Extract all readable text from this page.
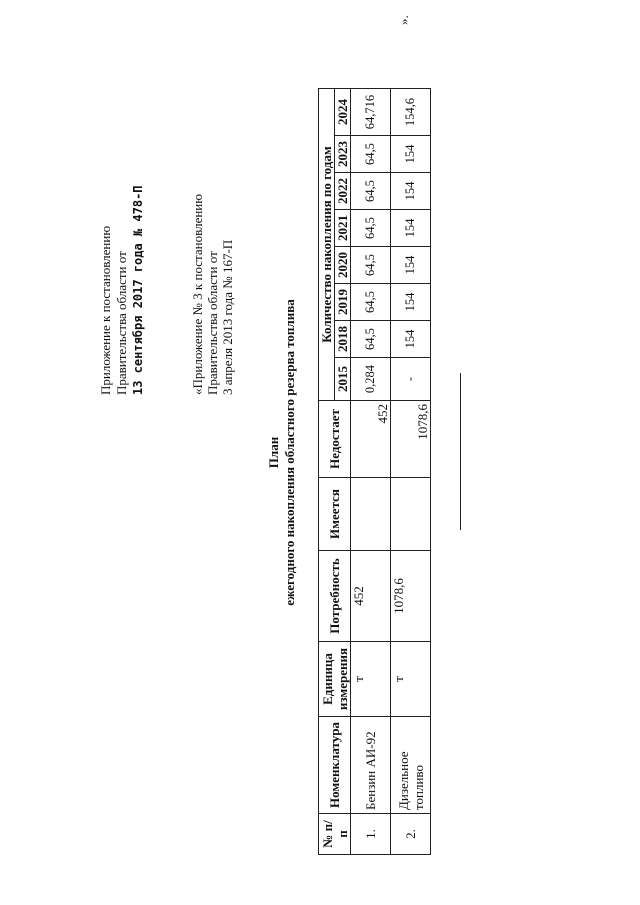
Приложение к постановлению Правительства области от 13 сентября 2017 года № 478-П	«Приложение № 3 к постановлению Правительства области от 3 апреля 2013 года № 167-П
План ежегодного накопления областного резерва топлива
№ п/п	Номенклатура	Единица измерения	Потребность	Имеется	Недостает	Количество накопления по годам							
						2015	2018	2019	2020	2021	2022	2023	2024
1.	Бензин АИ-92	т	452		452	0,284	64,5	64,5	64,5	64,5	64,5	64,5	64,716
2.	Дизельное топливо	т	1078,6		1078,6	-	154	154	154	154	154	154	154,6
».
